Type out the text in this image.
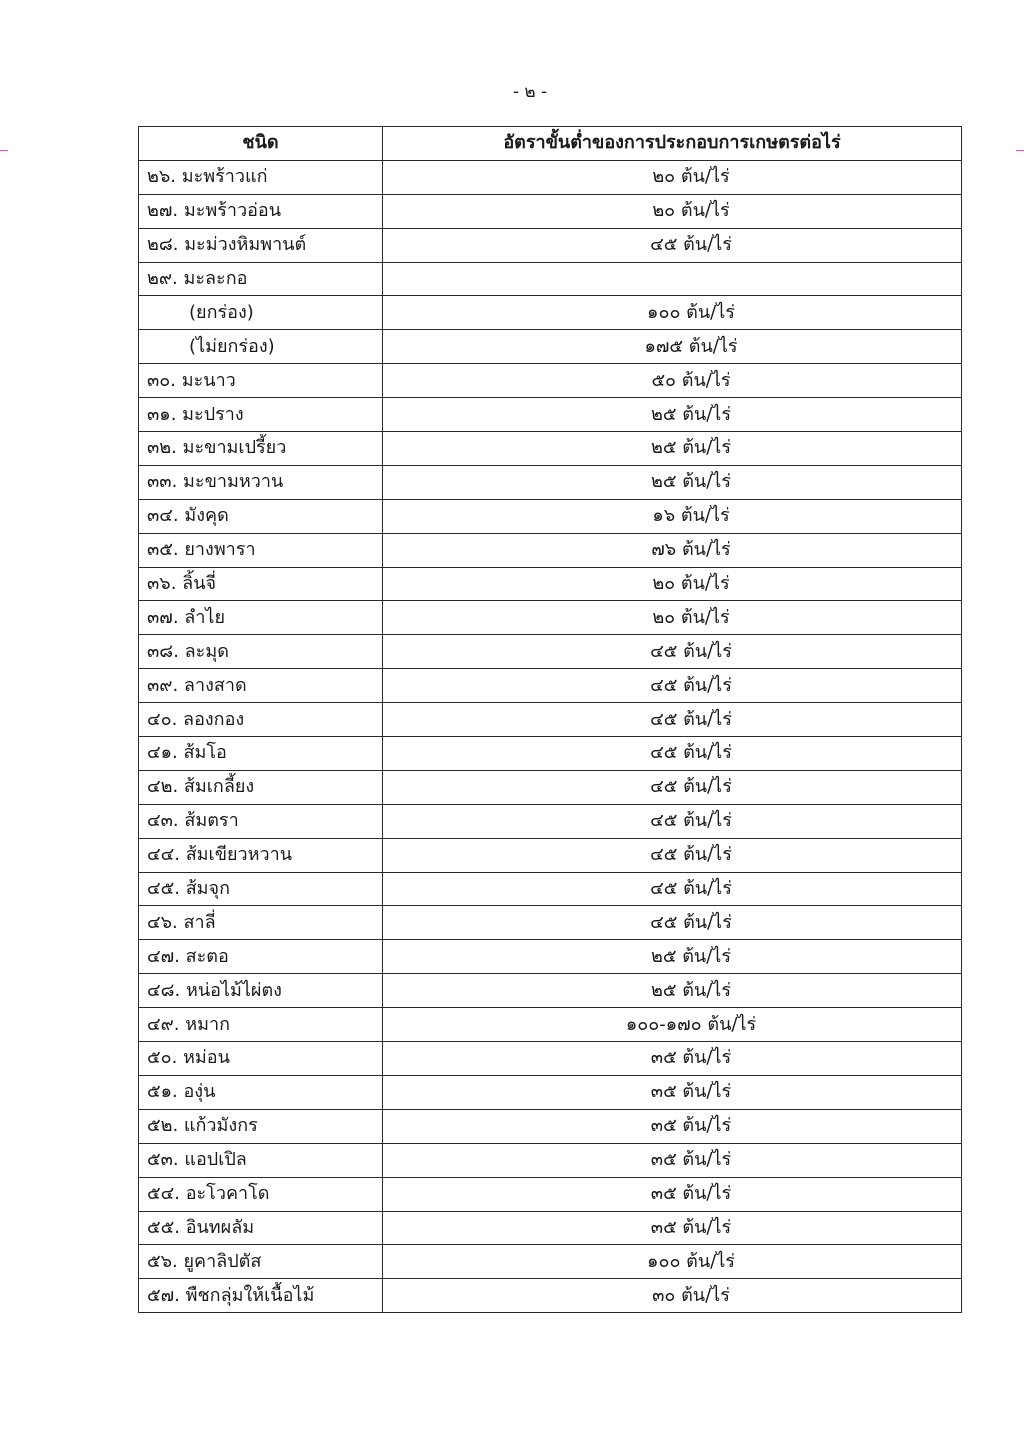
- ๒ -
ชนิด	อัตราขั้นต่ำของการประกอบการเกษตรต่อไร่
๒๖. มะพร้าวแก่	๒๐ ต้น/ไร่
๒๗. มะพร้าวอ่อน	๒๐ ต้น/ไร่
๒๘. มะม่วงหิมพานต์	๔๕ ต้น/ไร่
๒๙. มะละกอ	
(ยกร่อง)	๑๐๐ ต้น/ไร่
(ไม่ยกร่อง)	๑๗๕ ต้น/ไร่
๓๐. มะนาว	๕๐ ต้น/ไร่
๓๑. มะปราง	๒๕ ต้น/ไร่
๓๒. มะขามเปรี้ยว	๒๕ ต้น/ไร่
๓๓. มะขามหวาน	๒๕ ต้น/ไร่
๓๔. มังคุด	๑๖ ต้น/ไร่
๓๕. ยางพารา	๗๖ ต้น/ไร่
๓๖. ลิ้นจี่	๒๐ ต้น/ไร่
๓๗. ลำไย	๒๐ ต้น/ไร่
๓๘. ละมุด	๔๕ ต้น/ไร่
๓๙. ลางสาด	๔๕ ต้น/ไร่
๔๐. ลองกอง	๔๕ ต้น/ไร่
๔๑. ส้มโอ	๔๕ ต้น/ไร่
๔๒. ส้มเกลี้ยง	๔๕ ต้น/ไร่
๔๓. ส้มตรา	๔๕ ต้น/ไร่
๔๔. ส้มเขียวหวาน	๔๕ ต้น/ไร่
๔๕. ส้มจุก	๔๕ ต้น/ไร่
๔๖. สาลี่	๔๕ ต้น/ไร่
๔๗. สะตอ	๒๕ ต้น/ไร่
๔๘. หน่อไม้ไผ่ตง	๒๕ ต้น/ไร่
๔๙. หมาก	๑๐๐-๑๗๐ ต้น/ไร่
๕๐. หม่อน	๓๕ ต้น/ไร่
๕๑. องุ่น	๓๕ ต้น/ไร่
๕๒. แก้วมังกร	๓๕ ต้น/ไร่
๕๓. แอปเปิล	๓๕ ต้น/ไร่
๕๔. อะโวคาโด	๓๕ ต้น/ไร่
๕๕. อินทผลัม	๓๕ ต้น/ไร่
๕๖. ยูคาลิปตัส	๑๐๐ ต้น/ไร่
๕๗. พืชกลุ่มให้เนื้อไม้	๓๐ ต้น/ไร่
